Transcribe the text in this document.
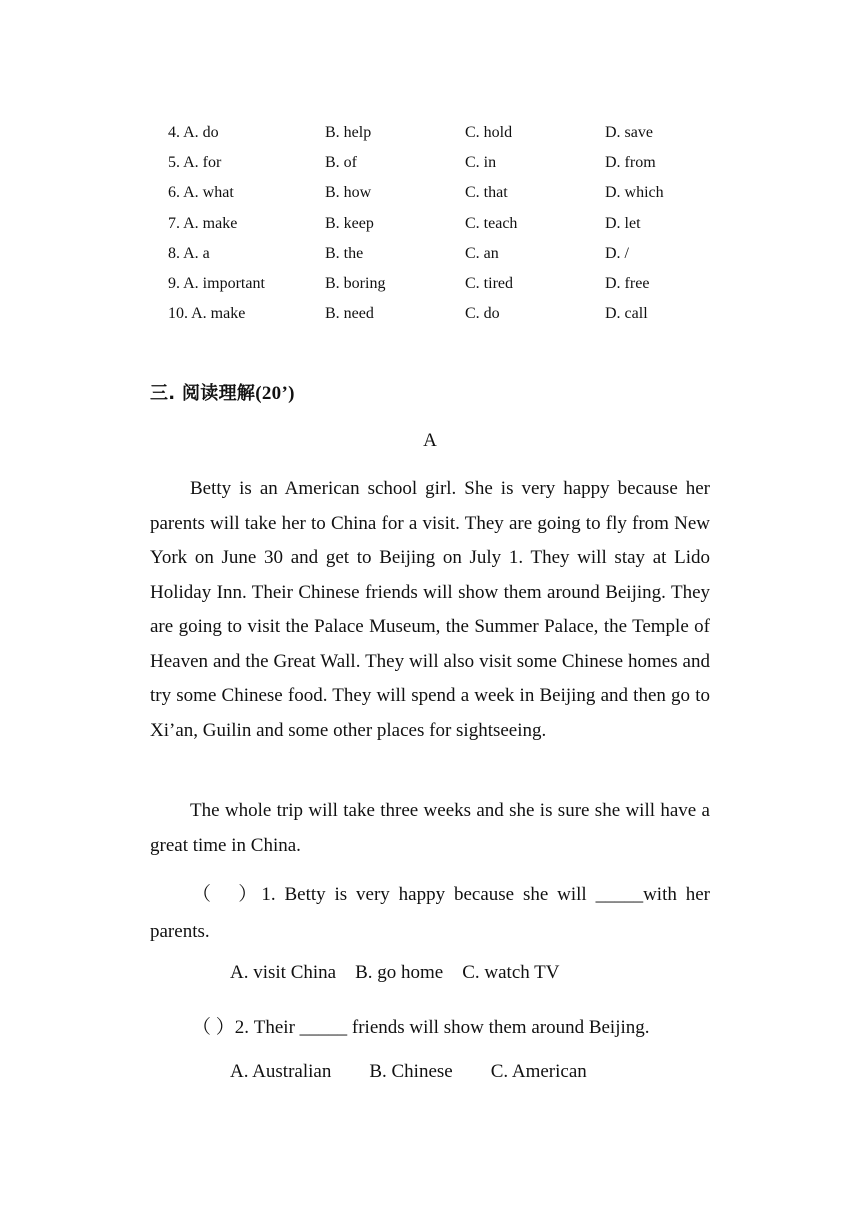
4. A. do	B. help	C. hold	D. save
5. A. for	B. of	C. in	D. from
6. A. what	B. how	C. that	D. which
7. A. make	B. keep	C. teach	D. let
8. A. a	B. the	C. an	D. /
9. A. important	B. boring	C. tired	D. free
10. A. make	B. need	C. do	D. call
三. 阅读理解(20’)
A

Betty is an American school girl. She is very happy because her parents will take her to China for a visit. They are going to fly from New York on June 30 and get to Beijing on July 1. They will stay at Lido Holiday Inn. Their Chinese friends will show them around Beijing. They are going to visit the Palace Museum, the Summer Palace, the Temple of Heaven and the Great Wall. They will also visit some Chinese homes and try some Chinese food. They will spend a week in Beijing and then go to Xi’an, Guilin and some other places for sightseeing.

The whole trip will take three weeks and she is sure she will have a great time in China.

（　）1. Betty is very happy because she will _____with her parents.
A. visit China B. go home C. watch TV
（ ）2. Their _____ friends will show them around Beijing.
A. Australian B. Chinese C. American
